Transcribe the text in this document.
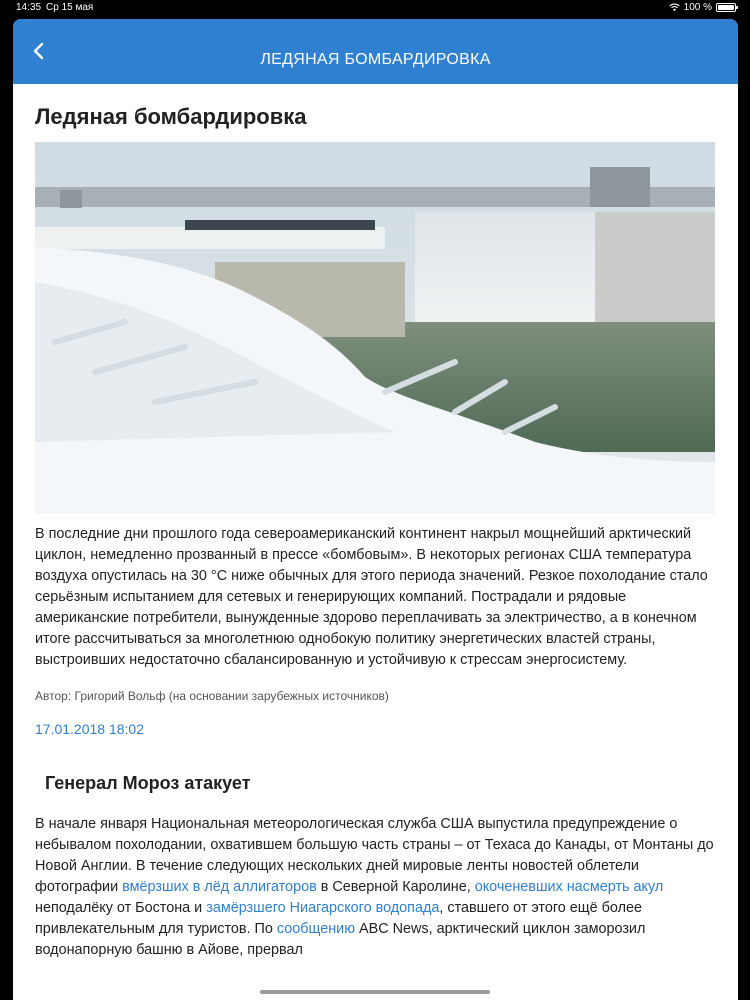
14:35 Ср 15 мая	100 %
ЛЕДЯНАЯ БОМБАРДИРОВКА
Ледяная бомбардировка

В последние дни прошлого года североамериканский континент накрыл мощнейший арктический циклон, немедленно прозванный в прессе «бомбовым». В некоторых регионах США температура воздуха опустилась на 30 °С ниже обычных для этого периода значений. Резкое похолодание стало серьёзным испытанием для сетевых и генерирующих компаний. Пострадали и рядовые американские потребители, вынужденные здорово переплачивать за электричество, а в конечном итоге рассчитываться за многолетнюю однобокую политику энергетических властей страны, выстроивших недостаточно сбалансированную и устойчивую к стрессам энергосистему.

Автор: Григорий Вольф (на основании зарубежных источников)
17.01.2018 18:02
Генерал Мороз атакует

В начале января Национальная метеорологическая служба США выпустила предупреждение о небывалом похолодании, охватившем большую часть страны – от Техаса до Канады, от Монтаны до Новой Англии. В течение следующих нескольких дней мировые ленты новостей облетели фотографии вмёрзших в лёд аллигаторов в Северной Каролине, окоченевших насмерть акул неподалёку от Бостона и замёрзшего Ниагарского водопада, ставшего от этого ещё более привлекательным для туристов. По сообщению ABC News, арктический циклон заморозил водонапорную башню в Айове, прервал
